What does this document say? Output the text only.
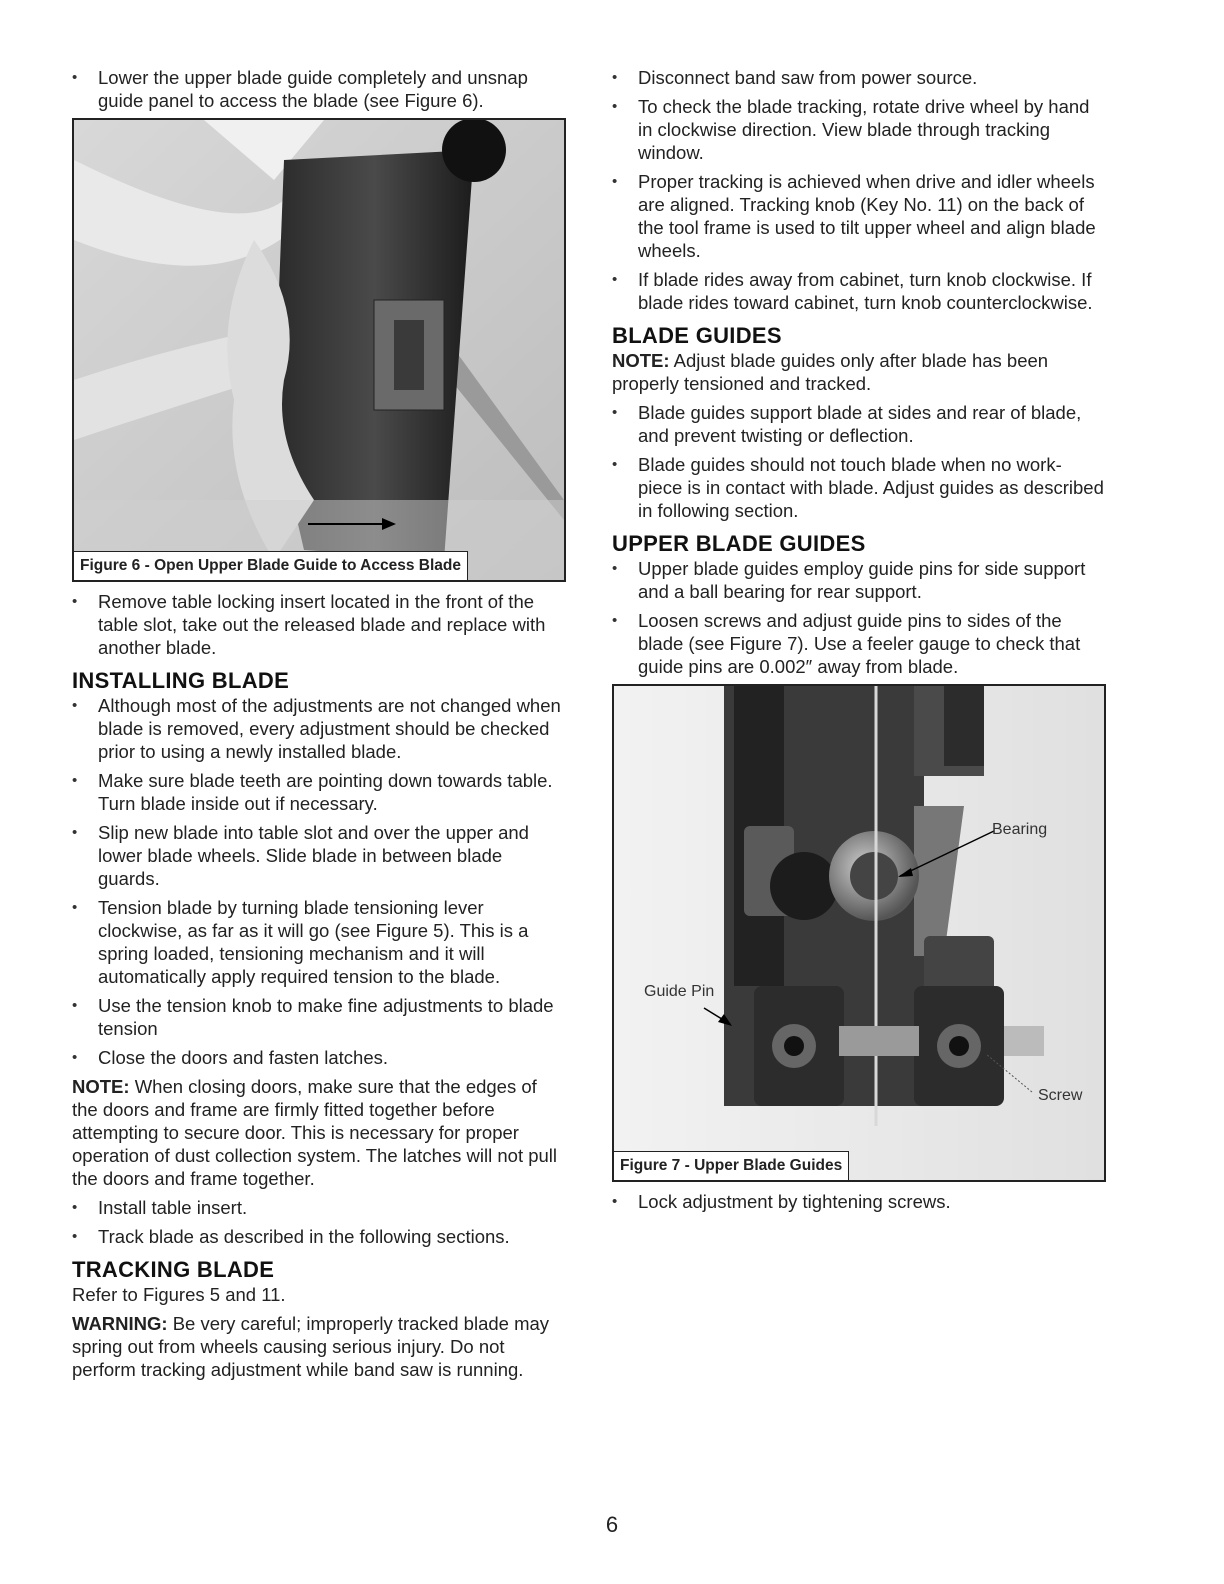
• Lower the upper blade guide completely and unsnap guide panel to access the blade (see Figure 6).
Figure 6 - Open Upper Blade Guide to Access Blade
• Remove table locking insert located in the front of the table slot, take out the released blade and replace with another blade.
INSTALLING BLADE
• Although most of the adjustments are not changed when blade is removed, every adjustment should be checked prior to using a newly installed blade.
• Make sure blade teeth are pointing down towards table. Turn blade inside out if necessary.
• Slip new blade into table slot and over the upper and lower blade wheels. Slide blade in between blade guards.
• Tension blade by turning blade tensioning lever clockwise, as far as it will go (see Figure 5). This is a spring loaded, tensioning mechanism and it will automatically apply required tension to the blade.
• Use the tension knob to make fine adjustments to blade tension
• Close the doors and fasten latches.

NOTE: When closing doors, make sure that the edges of the doors and frame are firmly fitted together before attempting to secure door. This is necessary for proper operation of dust collection system. The latches will not pull the doors and frame together.

• Install table insert.
• Track blade as described in the following sections.
TRACKING BLADE

Refer to Figures 5 and 11.

WARNING: Be very careful; improperly tracked blade may spring out from wheels causing serious injury. Do not perform tracking adjustment while band saw is running.

• Disconnect band saw from power source.
• To check the blade tracking, rotate drive wheel by hand in clockwise direction. View blade through tracking window.
• Proper tracking is achieved when drive and idler wheels are aligned. Tracking knob (Key No. 11) on the back of the tool frame is used to tilt upper wheel and align blade wheels.
• If blade rides away from cabinet, turn knob clockwise. If blade rides toward cabinet, turn knob counterclockwise.
BLADE GUIDES

NOTE: Adjust blade guides only after blade has been properly tensioned and tracked.

• Blade guides support blade at sides and rear of blade, and prevent twisting or deflection.
• Blade guides should not touch blade when no work-piece is in contact with blade. Adjust guides as described in following section.
UPPER BLADE GUIDES
• Upper blade guides employ guide pins for side support and a ball bearing for rear support.
• Loosen screws and adjust guide pins to sides of the blade (see Figure 7). Use a feeler gauge to check that guide pins are 0.002″ away from blade.
Bearing
Guide Pin
Screw
Figure 7 - Upper Blade Guides
• Lock adjustment by tightening screws.
6
